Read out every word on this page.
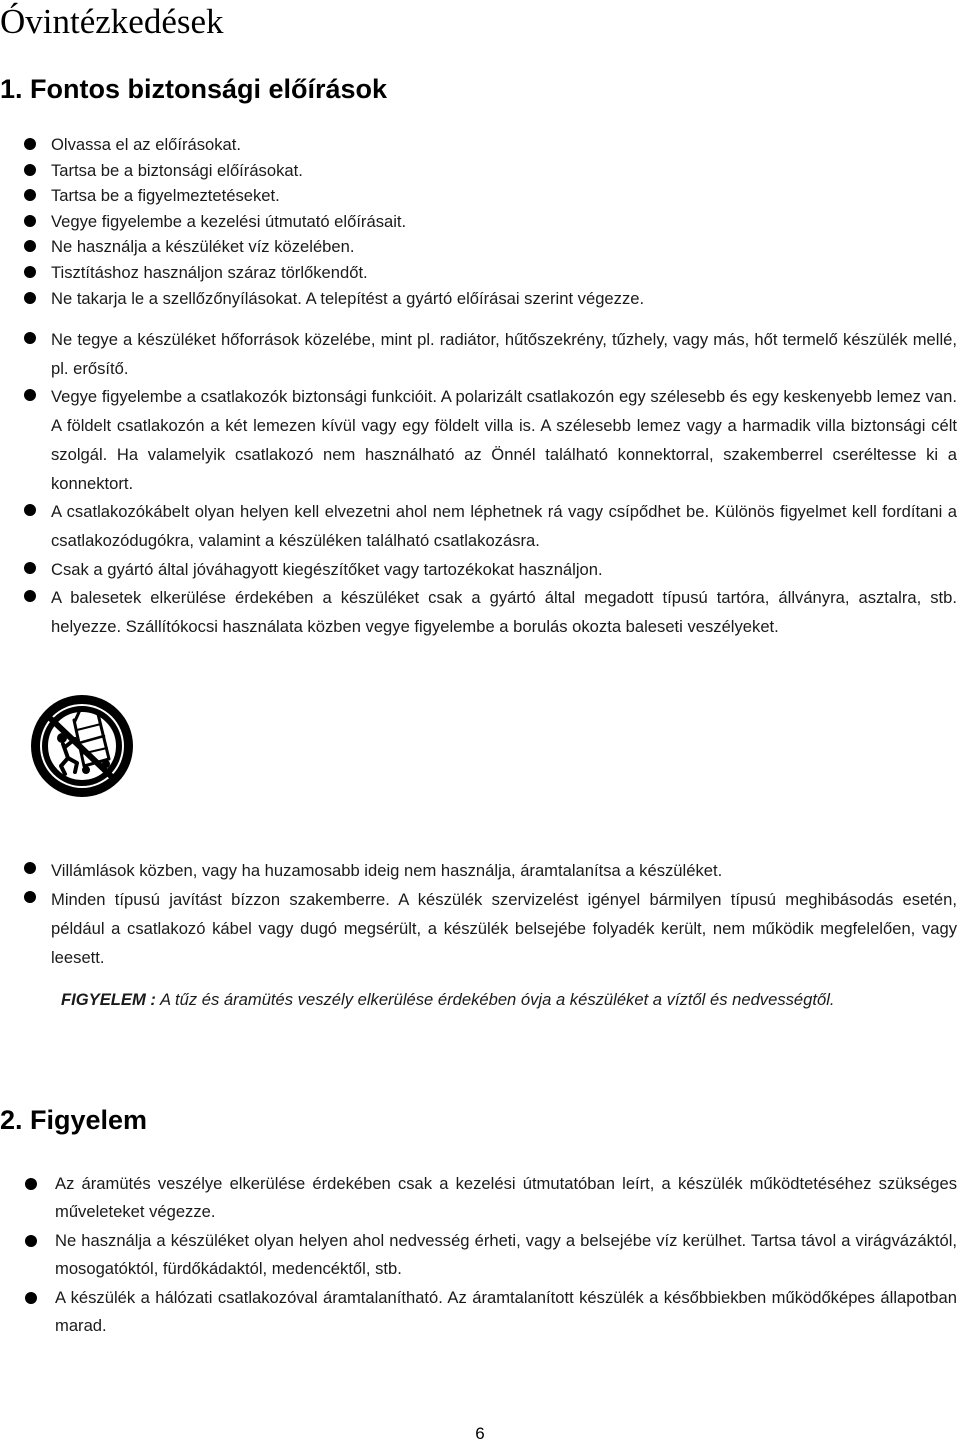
Óvintézkedések
1. Fontos biztonsági előírások
Olvassa el az előírásokat.
Tartsa be a biztonsági előírásokat.
Tartsa be a figyelmeztetéseket.
Vegye figyelembe a kezelési útmutató előírásait.
Ne használja a készüléket víz közelében.
Tisztításhoz használjon száraz törlőkendőt.
Ne takarja le a szellőzőnyílásokat. A telepítést a gyártó előírásai szerint végezze.
Ne tegye a készüléket hőforrások közelébe, mint pl. radiátor, hűtőszekrény, tűzhely, vagy más, hőt termelő készülék mellé, pl. erősítő.
Vegye figyelembe a csatlakozók biztonsági funkcióit. A polarizált csatlakozón egy szélesebb és egy keskenyebb lemez van. A földelt csatlakozón a két lemezen kívül vagy egy földelt villa is. A szélesebb lemez vagy a harmadik villa biztonsági célt szolgál. Ha valamelyik csatlakozó nem használható az Önnél található konnektorral, szakemberrel cseréltesse ki a konnektort.
A csatlakozókábelt olyan helyen kell elvezetni ahol nem léphetnek rá vagy csípődhet be. Különös figyelmet kell fordítani a csatlakozódugókra, valamint a készüléken található csatlakozásra.
Csak a gyártó által jóváhagyott kiegészítőket vagy tartozékokat használjon.
A balesetek elkerülése érdekében a készüléket csak a gyártó által megadott típusú tartóra, állványra, asztalra, stb. helyezze. Szállítókocsi használata közben vegye figyelembe a borulás okozta baleseti veszélyeket.
Villámlások közben, vagy ha huzamosabb ideig nem használja, áramtalanítsa a készüléket.
Minden típusú javítást bízzon szakemberre. A készülék szervizelést igényel bármilyen típusú meghibásodás esetén, például a csatlakozó kábel vagy dugó megsérült, a készülék belsejébe folyadék került, nem működik megfelelően, vagy leesett.

FIGYELEM : A tűz és áramütés veszély elkerülése érdekében óvja a készüléket a víztől és nedvességtől.

2. Figyelem
Az áramütés veszélye elkerülése érdekében csak a kezelési útmutatóban leírt, a készülék működtetéséhez szükséges műveleteket végezze.
Ne használja a készüléket olyan helyen ahol nedvesség érheti, vagy a belsejébe víz kerülhet. Tartsa távol a virágvázáktól, mosogatóktól, fürdőkádaktól, medencéktől, stb.
A készülék a hálózati csatlakozóval áramtalanítható. Az áramtalanított készülék a későbbiekben működőképes állapotban marad.
6
